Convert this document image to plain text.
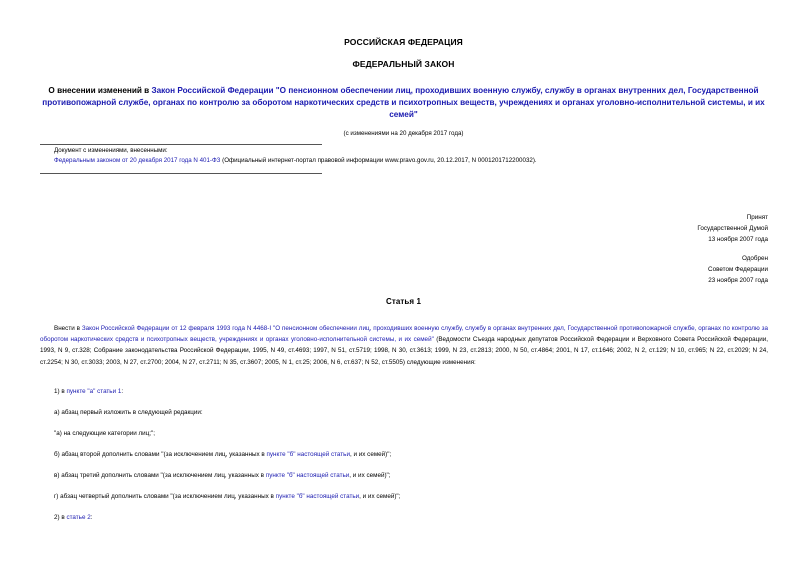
РОССИЙСКАЯ ФЕДЕРАЦИЯ

ФЕДЕРАЛЬНЫЙ ЗАКОН

О внесении изменений в Закон Российской Федерации "О пенсионном обеспечении лиц, проходивших военную службу, службу в органах внутренних дел, Государственной противопожарной службе, органах по контролю за оборотом наркотических средств и психотропных веществ, учреждениях и органах уголовно-исполнительной системы, и их семей"

(с изменениями на 20 декабря 2017 года)

Документ с изменениями, внесенными:

Федеральным законом от 20 декабря 2017 года N 401-ФЗ (Официальный интернет-портал правовой информации www.pravo.gov.ru, 20.12.2017, N 0001201712200032).

Принят
Государственной Думой
13 ноября 2007 года
Одобрен
Советом Федерации
23 ноября 2007 года

Статья 1

Внести в Закон Российской Федерации от 12 февраля 1993 года N 4468-I "О пенсионном обеспечении лиц, проходивших военную службу, службу в органах внутренних дел, Государственной противопожарной службе, органах по контролю за оборотом наркотических средств и психотропных веществ, учреждениях и органах уголовно-исполнительной системы, и их семей" (Ведомости Съезда народных депутатов Российской Федерации и Верховного Совета Российской Федерации, 1993, N 9, ст.328; Собрание законодательства Российской Федерации, 1995, N 49, ст.4693; 1997, N 51, ст.5719; 1998, N 30, ст.3613; 1999, N 23, ст.2813; 2000, N 50, ст.4864; 2001, N 17, ст.1646; 2002, N 2, ст.129; N 10, ст.965; N 22, ст.2029; N 24, ст.2254; N 30, ст.3033; 2003, N 27, ст.2700; 2004, N 27, ст.2711; N 35, ст.3607; 2005, N 1, ст.25; 2006, N 6, ст.637; N 52, ст.5505) следующие изменения:

1) в пункте "а" статьи 1:

а) абзац первый изложить в следующей редакции:

"а) на следующие категории лиц;";

б) абзац второй дополнить словами "(за исключением лиц, указанных в пункте "б" настоящей статьи, и их семей)";

в) абзац третий дополнить словами "(за исключением лиц, указанных в пункте "б" настоящей статьи, и их семей)";

г) абзац четвертый дополнить словами "(за исключением лиц, указанных в пункте "б" настоящей статьи, и их семей)";

2) в статье 2:
